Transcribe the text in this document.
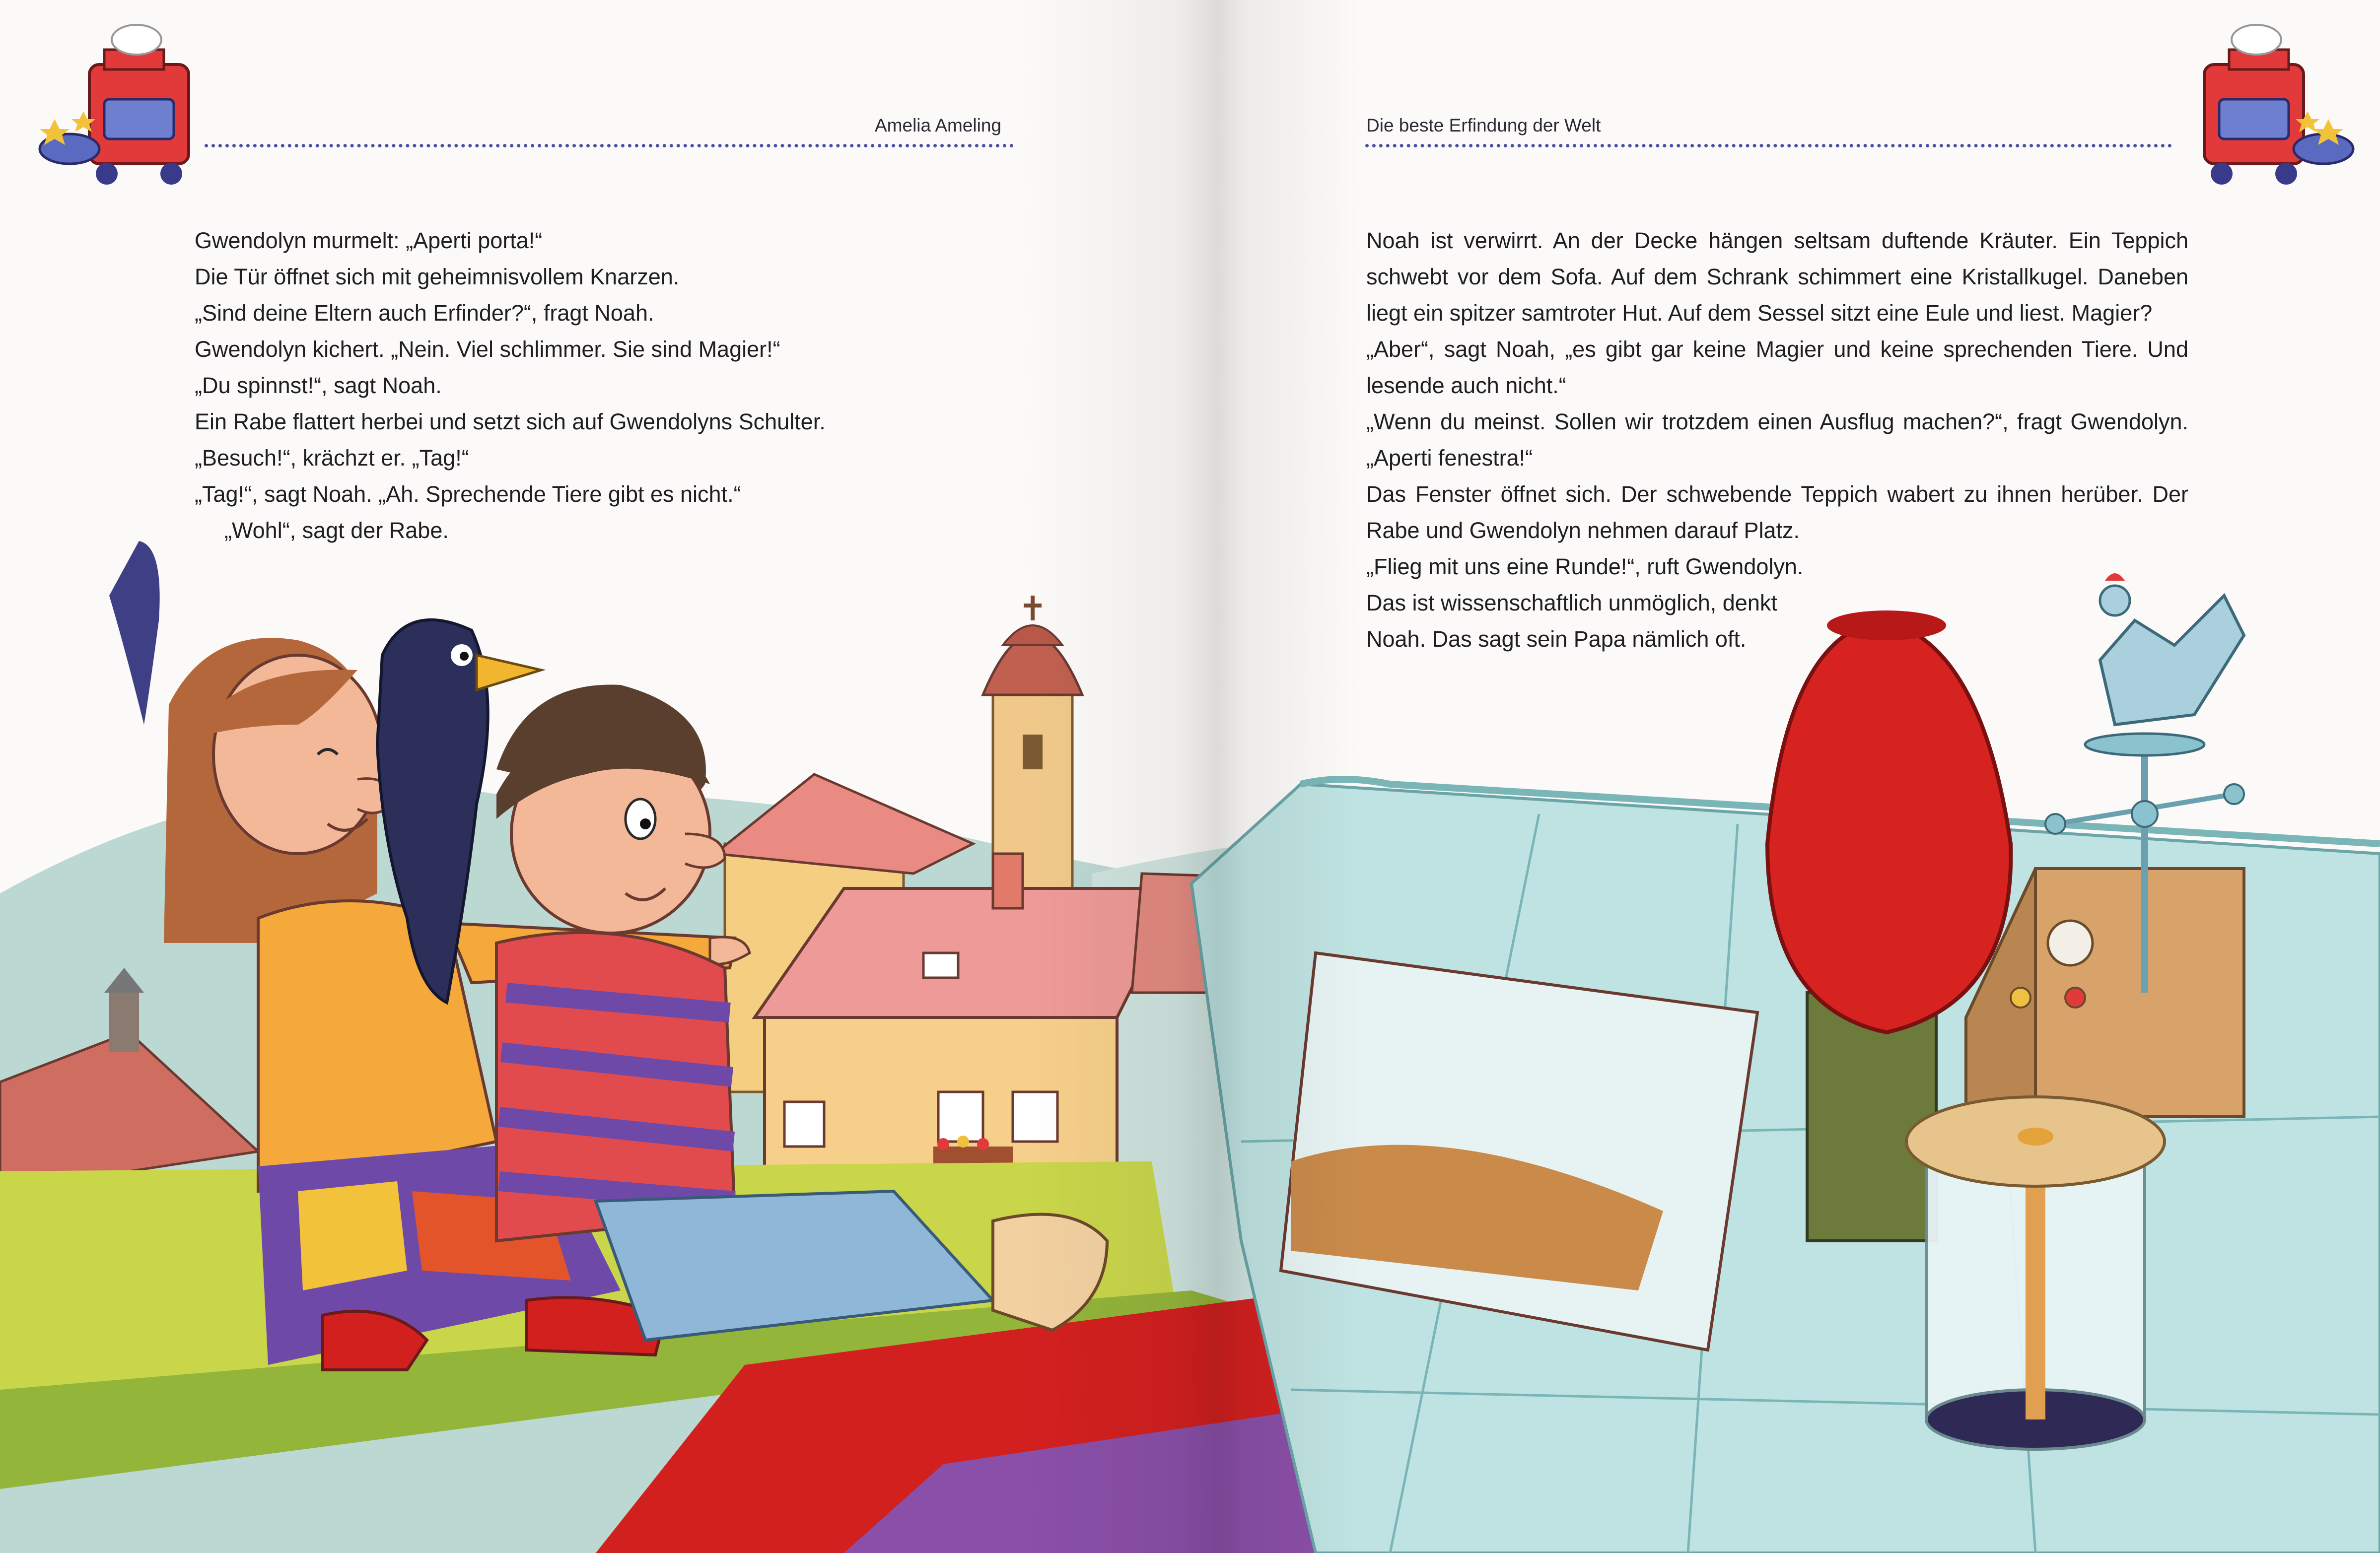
Amelia Ameling	Die beste Erfindung der Welt

Gwendolyn murmelt: „Aperti porta!“

Die Tür öffnet sich mit geheimnisvollem Knarzen.

„Sind deine Eltern auch Erfinder?“, fragt Noah.

Gwendolyn kichert. „Nein. Viel schlimmer. Sie sind Magier!“

„Du spinnst!“, sagt Noah.

Ein Rabe flattert herbei und setzt sich auf Gwendolyns Schulter.

„Besuch!“, krächzt er. „Tag!“

„Tag!“, sagt Noah. „Ah. Sprechende Tiere gibt es nicht.“

„Wohl“, sagt der Rabe.

Noah ist verwirrt. An der Decke hängen seltsam duftende Kräuter. Ein Teppich schwebt vor dem Sofa. Auf dem Schrank schimmert eine Kristallkugel. Daneben liegt ein spitzer samtroter Hut. Auf dem Sessel sitzt eine Eule und liest. Magier?

„Aber“, sagt Noah, „es gibt gar keine Magier und keine sprechenden Tiere. Und lesende auch nicht.“

„Wenn du meinst. Sollen wir trotzdem einen Ausflug machen?“, fragt Gwendolyn. „Aperti fenestra!“

Das Fenster öffnet sich. Der schwebende Teppich wabert zu ihnen herüber. Der Rabe und Gwendolyn nehmen darauf Platz.

„Flieg mit uns eine Runde!“, ruft Gwendolyn.

Das ist wissenschaftlich unmöglich, denkt

Noah. Das sagt sein Papa nämlich oft.
